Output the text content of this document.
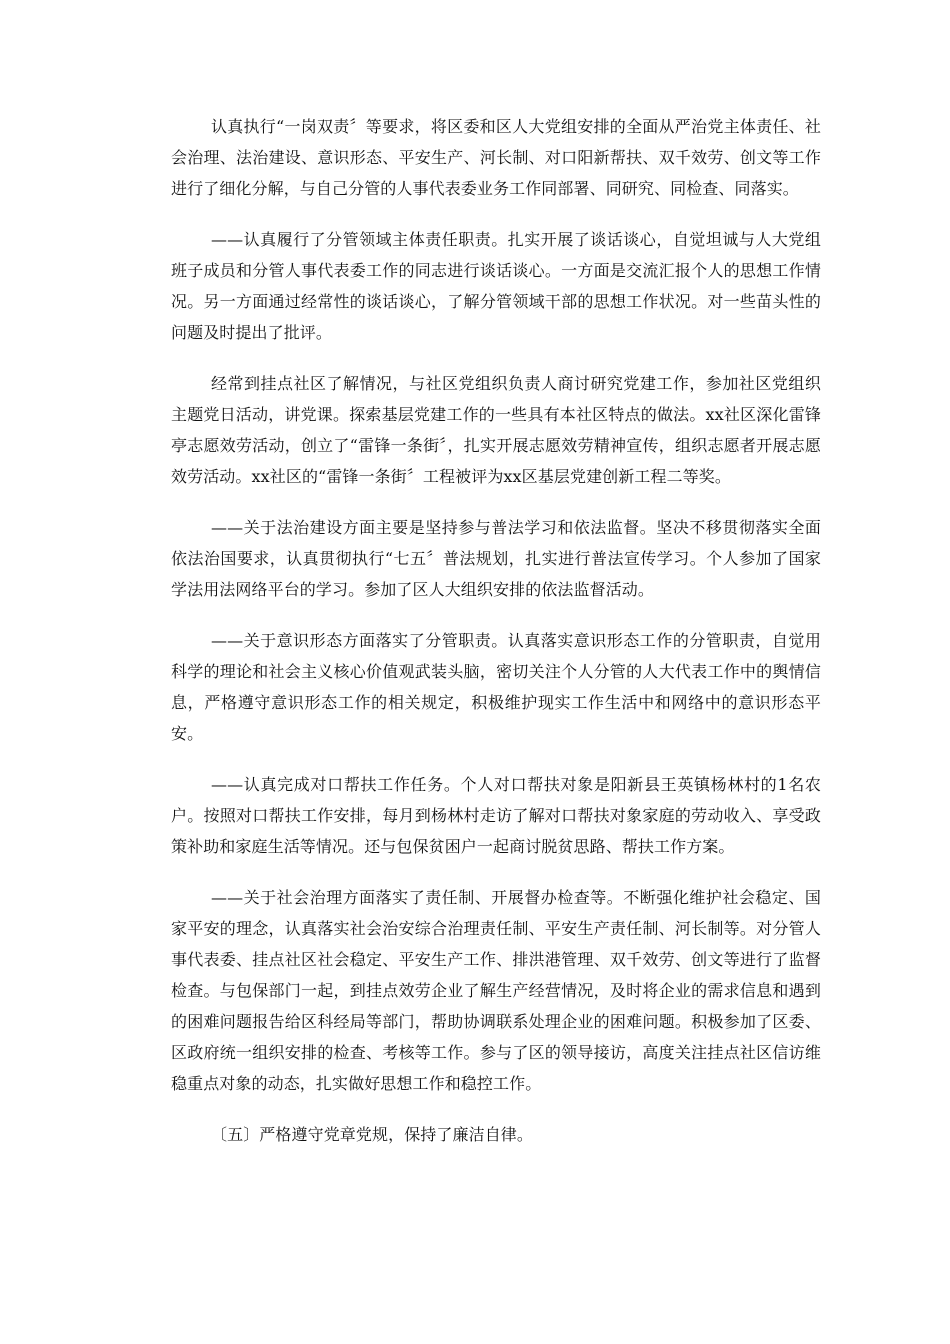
认真执行“一岗双责〞等要求，将区委和区人大党组安排的全面从严治党主体责任、社会治理、法治建设、意识形态、平安生产、河长制、对口阳新帮扶、双千效劳、创文等工作进行了细化分解，与自己分管的人事代表委业务工作同部署、同研究、同检查、同落实。

——认真履行了分管领域主体责任职责。扎实开展了谈话谈心，自觉坦诚与人大党组班子成员和分管人事代表委工作的同志进行谈话谈心。一方面是交流汇报个人的思想工作情况。另一方面通过经常性的谈话谈心，了解分管领域干部的思想工作状况。对一些苗头性的问题及时提出了批评。

经常到挂点社区了解情况，与社区党组织负责人商讨研究党建工作，参加社区党组织主题党日活动，讲党课。探索基层党建工作的一些具有本社区特点的做法。xx社区深化雷锋亭志愿效劳活动，创立了“雷锋一条街〞，扎实开展志愿效劳精神宣传，组织志愿者开展志愿效劳活动。xx社区的“雷锋一条街〞工程被评为xx区基层党建创新工程二等奖。

——关于法治建设方面主要是坚持参与普法学习和依法监督。坚决不移贯彻落实全面依法治国要求，认真贯彻执行“七五〞普法规划，扎实进行普法宣传学习。个人参加了国家学法用法网络平台的学习。参加了区人大组织安排的依法监督活动。

——关于意识形态方面落实了分管职责。认真落实意识形态工作的分管职责，自觉用科学的理论和社会主义核心价值观武装头脑，密切关注个人分管的人大代表工作中的舆情信息，严格遵守意识形态工作的相关规定，积极维护现实工作生活中和网络中的意识形态平安。

——认真完成对口帮扶工作任务。个人对口帮扶对象是阳新县王英镇杨林村的1名农户。按照对口帮扶工作安排，每月到杨林村走访了解对口帮扶对象家庭的劳动收入、享受政策补助和家庭生活等情况。还与包保贫困户一起商讨脱贫思路、帮扶工作方案。

——关于社会治理方面落实了责任制、开展督办检查等。不断强化维护社会稳定、国家平安的理念，认真落实社会治安综合治理责任制、平安生产责任制、河长制等。对分管人事代表委、挂点社区社会稳定、平安生产工作、排洪港管理、双千效劳、创文等进行了监督检查。与包保部门一起，到挂点效劳企业了解生产经营情况，及时将企业的需求信息和遇到的困难问题报告给区科经局等部门，帮助协调联系处理企业的困难问题。积极参加了区委、区政府统一组织安排的检查、考核等工作。参与了区的领导接访，高度关注挂点社区信访维稳重点对象的动态，扎实做好思想工作和稳控工作。

〔五〕严格遵守党章党规，保持了廉洁自律。
